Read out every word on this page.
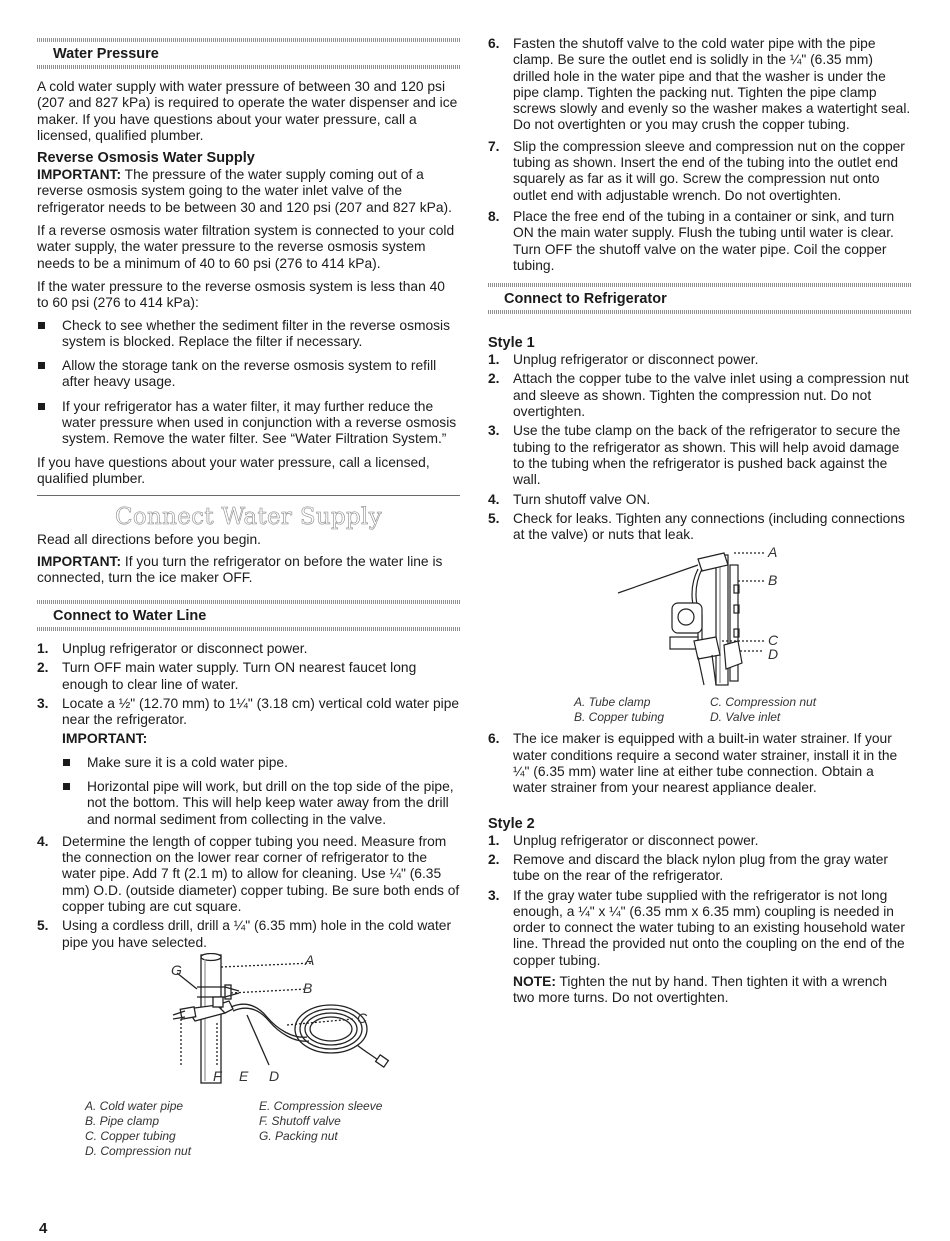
Water Pressure

A cold water supply with water pressure of between 30 and 120 psi (207 and 827 kPa) is required to operate the water dispenser and ice maker. If you have questions about your water pressure, call a licensed, qualified plumber.

Reverse Osmosis Water Supply

IMPORTANT: The pressure of the water supply coming out of a reverse osmosis system going to the water inlet valve of the refrigerator needs to be between 30 and 120 psi (207 and 827 kPa).

If a reverse osmosis water filtration system is connected to your cold water supply, the water pressure to the reverse osmosis system needs to be a minimum of 40 to 60 psi (276 to 414 kPa).

If the water pressure to the reverse osmosis system is less than 40 to 60 psi (276 to 414 kPa):

Check to see whether the sediment filter in the reverse osmosis system is blocked. Replace the filter if necessary.
Allow the storage tank on the reverse osmosis system to refill after heavy usage.
If your refrigerator has a water filter, it may further reduce the water pressure when used in conjunction with a reverse osmosis system. Remove the water filter. See “Water Filtration System.”

If you have questions about your water pressure, call a licensed, qualified plumber.

Connect Water Supply

Read all directions before you begin.

IMPORTANT: If you turn the refrigerator on before the water line is connected, turn the ice maker OFF.

Connect to Water Line
1. Unplug refrigerator or disconnect power.
2. Turn OFF main water supply. Turn ON nearest faucet long enough to clear line of water.
3. Locate a ½" (12.70 mm) to 1¼" (3.18 cm) vertical cold water pipe near the refrigerator.

IMPORTANT:

Make sure it is a cold water pipe.
Horizontal pipe will work, but drill on the top side of the pipe, not the bottom. This will help keep water away from the drill and normal sediment from collecting in the valve.
4. Determine the length of copper tubing you need. Measure from the connection on the lower rear corner of refrigerator to the water pipe. Add 7 ft (2.1 m) to allow for cleaning. Use ¼" (6.35 mm) O.D. (outside diameter) copper tubing. Be sure both ends of copper tubing are cut square.
5. Using a cordless drill, drill a ¼" (6.35 mm) hole in the cold water pipe you have selected.
A
B
C
G
F E D
A. Cold water pipe
B. Pipe clamp
C. Copper tubing
D. Compression nut
E. Compression sleeve
F. Shutoff valve
G. Packing nut
6. Fasten the shutoff valve to the cold water pipe with the pipe clamp. Be sure the outlet end is solidly in the ¼" (6.35 mm) drilled hole in the water pipe and that the washer is under the pipe clamp. Tighten the packing nut. Tighten the pipe clamp screws slowly and evenly so the washer makes a watertight seal. Do not overtighten or you may crush the copper tubing.
7. Slip the compression sleeve and compression nut on the copper tubing as shown. Insert the end of the tubing into the outlet end squarely as far as it will go. Screw the compression nut onto outlet end with adjustable wrench. Do not overtighten.
8. Place the free end of the tubing in a container or sink, and turn ON the main water supply. Flush the tubing until water is clear. Turn OFF the shutoff valve on the water pipe. Coil the copper tubing.
Connect to Refrigerator

Style 1

1. Unplug refrigerator or disconnect power.
2. Attach the copper tube to the valve inlet using a compression nut and sleeve as shown. Tighten the compression nut. Do not overtighten.
3. Use the tube clamp on the back of the refrigerator to secure the tubing to the refrigerator as shown. This will help avoid damage to the tubing when the refrigerator is pushed back against the wall.
4. Turn shutoff valve ON.
5. Check for leaks. Tighten any connections (including connections at the valve) or nuts that leak.
A
B
C
D
A. Tube clamp
B. Copper tubing
C. Compression nut
D. Valve inlet
6. The ice maker is equipped with a built-in water strainer. If your water conditions require a second water strainer, install it in the ¼" (6.35 mm) water line at either tube connection. Obtain a water strainer from your nearest appliance dealer.

Style 2

1. Unplug refrigerator or disconnect power.
2. Remove and discard the black nylon plug from the gray water tube on the rear of the refrigerator.
3. If the gray water tube supplied with the refrigerator is not long enough, a ¼" x ¼" (6.35 mm x 6.35 mm) coupling is needed in order to connect the water tubing to an existing household water line. Thread the provided nut onto the coupling on the end of the copper tubing.

NOTE: Tighten the nut by hand. Then tighten it with a wrench two more turns. Do not overtighten.

4
